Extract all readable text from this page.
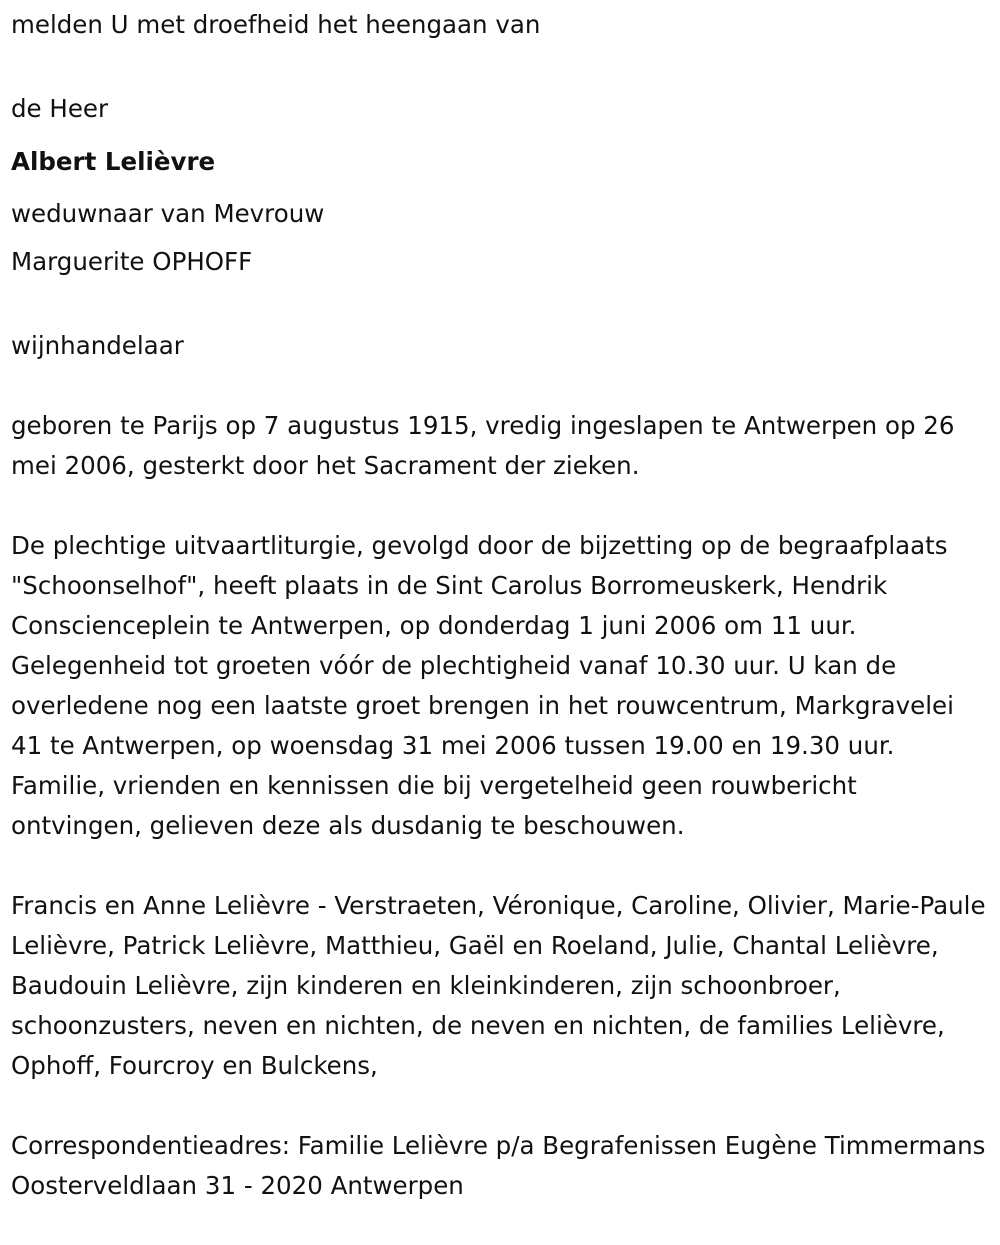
melden U met droefheid het heengaan van

de Heer

Albert Lelièvre

weduwnaar van Mevrouw

Marguerite OPHOFF

wijnhandelaar

geboren te Parijs op 7 augustus 1915, vredig ingeslapen te Antwerpen op 26 mei 2006, gesterkt door het Sacrament der zieken.

De plechtige uitvaartliturgie, gevolgd door de bijzetting op de begraafplaats "Schoonselhof", heeft plaats in de Sint Carolus Borromeuskerk, Hendrik Conscienceplein te Antwerpen, op donderdag 1 juni 2006 om 11 uur. Gelegenheid tot groeten vóór de plechtigheid vanaf 10.30 uur. U kan de overledene nog een laatste groet brengen in het rouwcentrum, Markgravelei 41 te Antwerpen, op woensdag 31 mei 2006 tussen 19.00 en 19.30 uur. Familie, vrienden en kennissen die bij vergetelheid geen rouwbericht ontvingen, gelieven deze als dusdanig te beschouwen.

Francis en Anne Lelièvre - Verstraeten, Véronique, Caroline, Olivier, Marie-Paule Lelièvre, Patrick Lelièvre, Matthieu, Gaël en Roeland, Julie, Chantal Lelièvre, Baudouin Lelièvre, zijn kinderen en kleinkinderen, zijn schoonbroer, schoonzusters, neven en nichten, de neven en nichten, de families Lelièvre, Ophoff, Fourcroy en Bulckens,

Correspondentieadres: Familie Lelièvre p/a Begrafenissen Eugène Timmermans Oosterveldlaan 31 - 2020 Antwerpen
